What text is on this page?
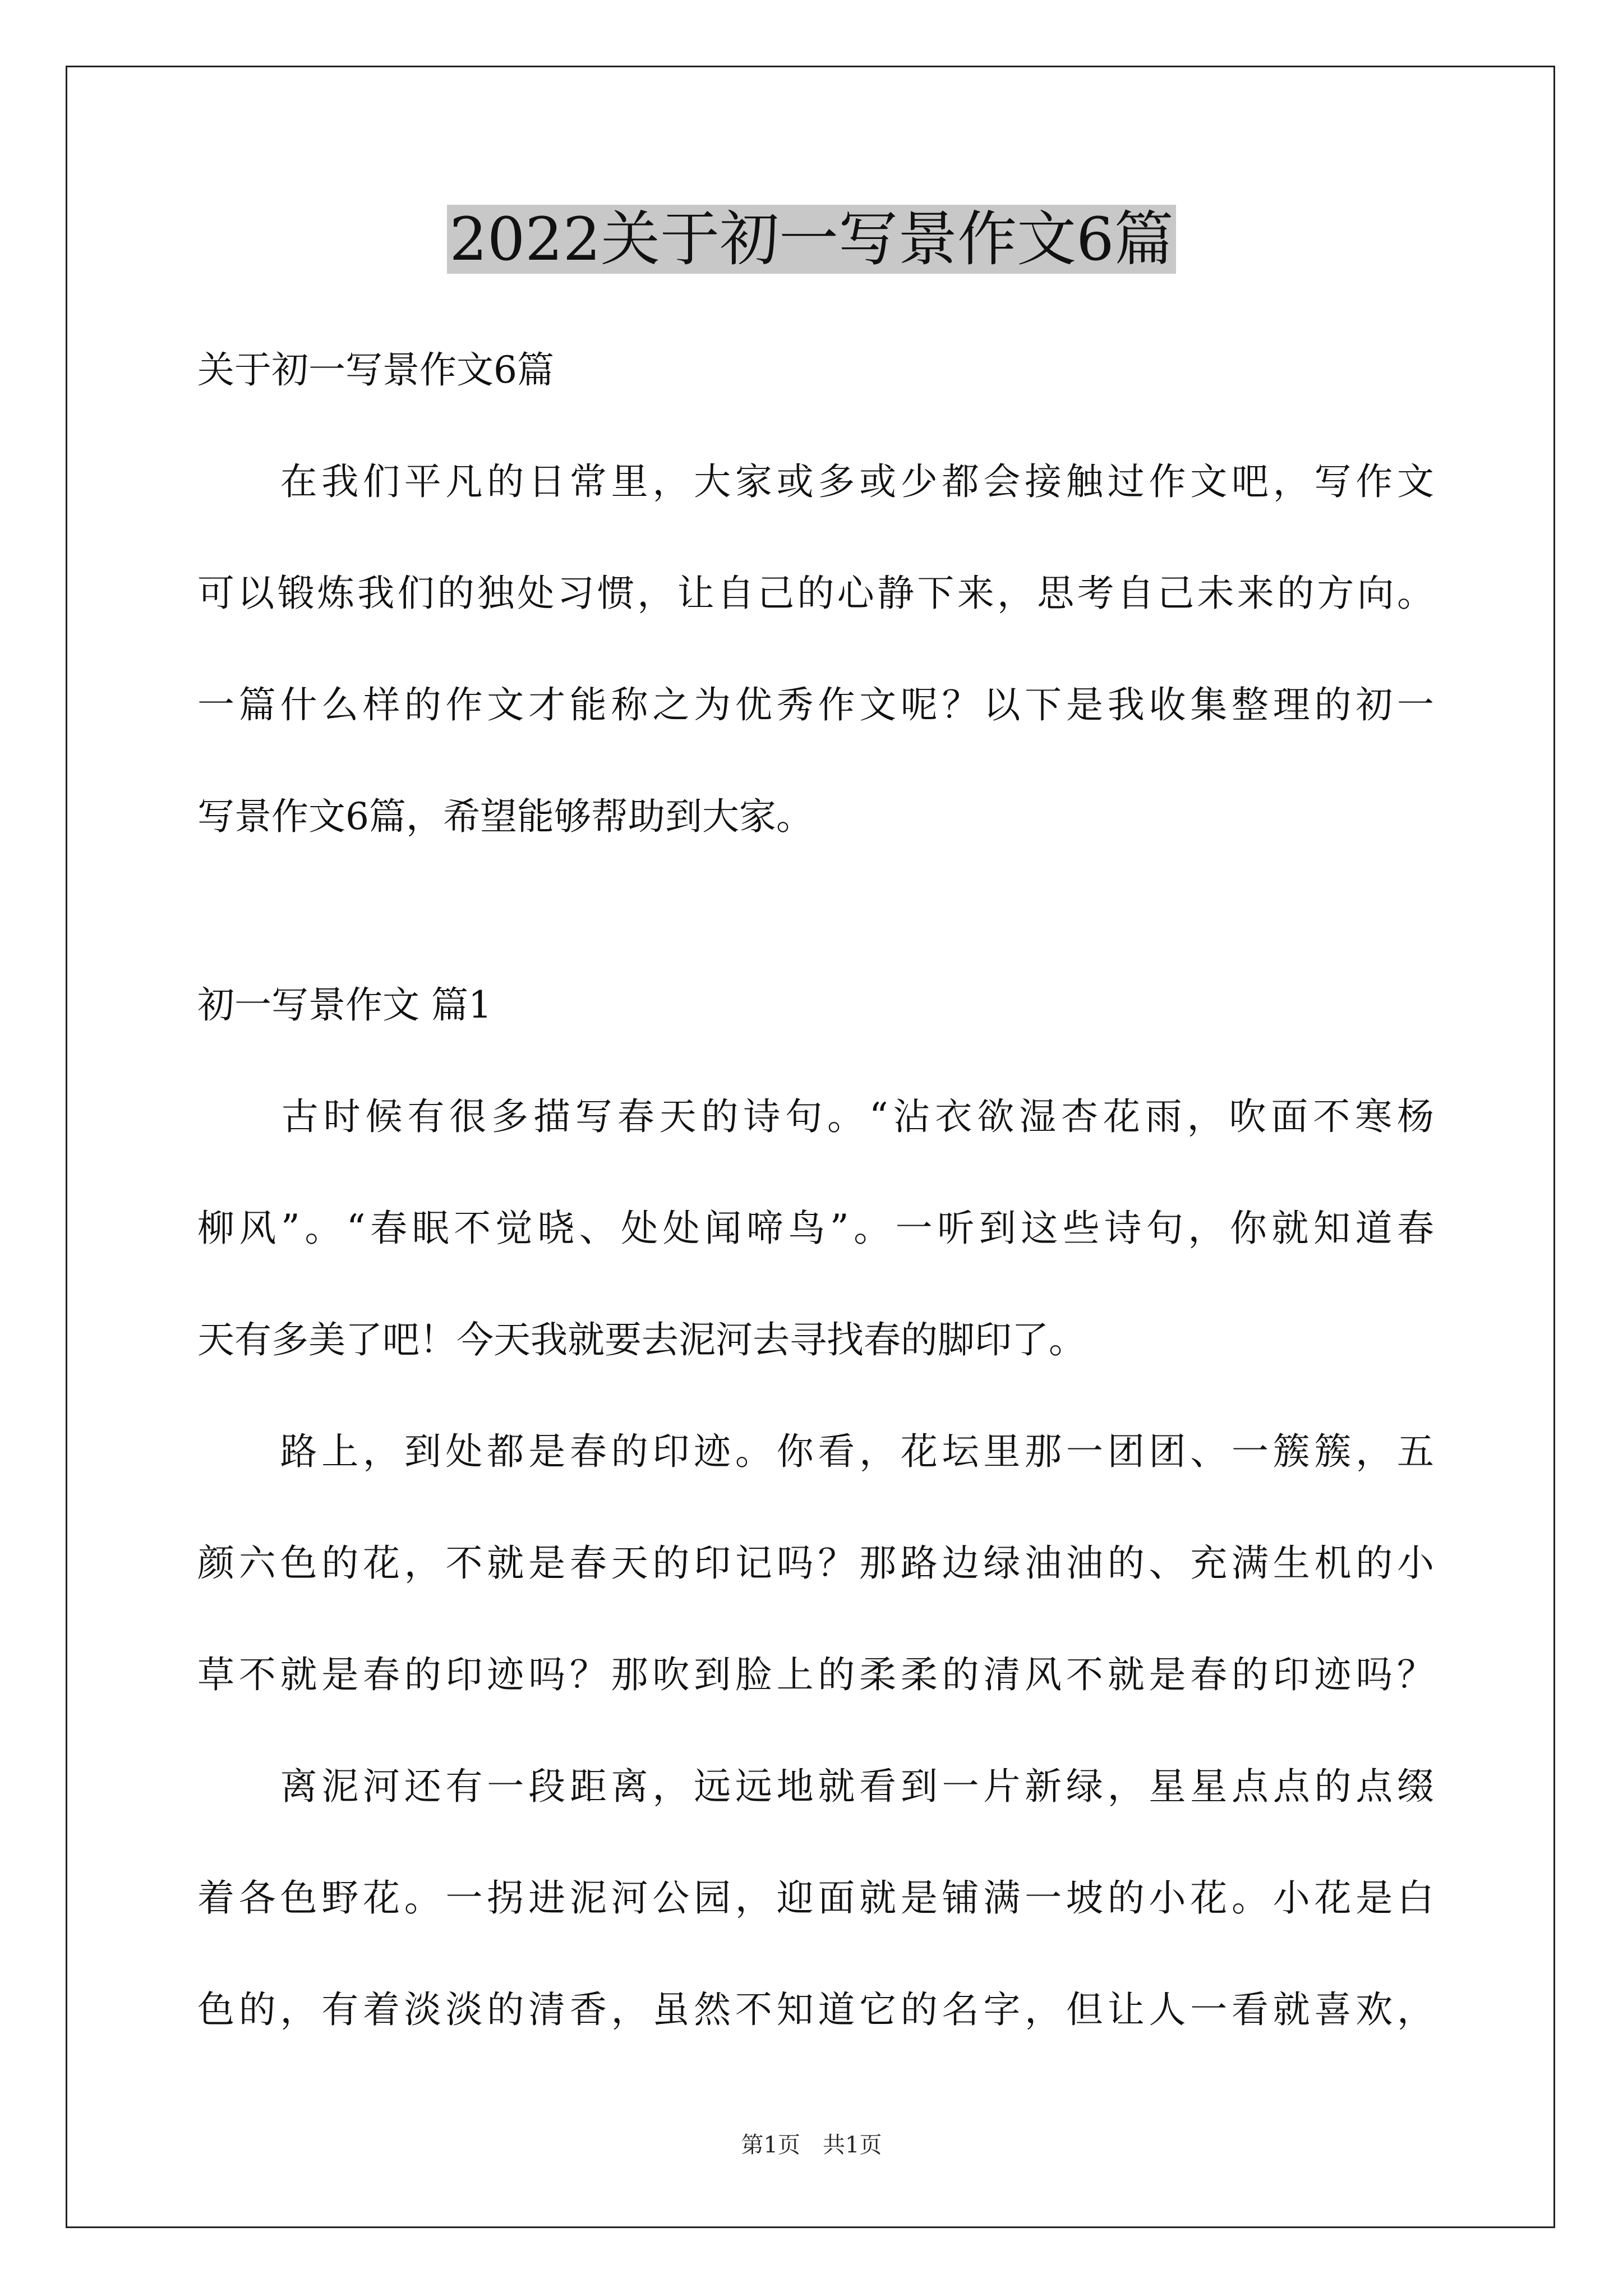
2022关于初一写景作文6篇
关于初一写景作文6篇
　　在我们平凡的日常里，大家或多或少都会接触过作文吧，写作文
可以锻炼我们的独处习惯，让自己的心静下来，思考自己未来的方向。
一篇什么样的作文才能称之为优秀作文呢？以下是我收集整理的初一
写景作文6篇，希望能够帮助到大家。
初一写景作文 篇1
　　古时候有很多描写春天的诗句。“沾衣欲湿杏花雨，吹面不寒杨
柳风”。“春眠不觉晓、处处闻啼鸟”。一听到这些诗句，你就知道春
天有多美了吧！今天我就要去泥河去寻找春的脚印了。
　　路上，到处都是春的印迹。你看，花坛里那一团团、一簇簇，五
颜六色的花，不就是春天的印记吗？那路边绿油油的、充满生机的小
草不就是春的印迹吗？那吹到脸上的柔柔的清风不就是春的印迹吗？
　　离泥河还有一段距离，远远地就看到一片新绿，星星点点的点缀
着各色野花。一拐进泥河公园，迎面就是铺满一坡的小花。小花是白
色的，有着淡淡的清香，虽然不知道它的名字，但让人一看就喜欢，
第1页　共1页
